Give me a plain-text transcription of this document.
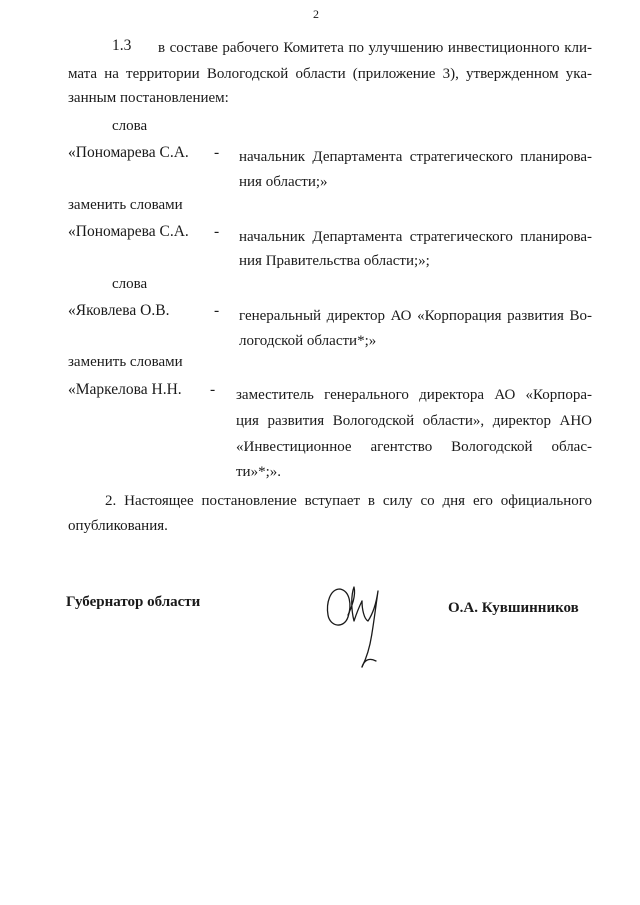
2
1.3 в составе рабочего Комитета по улучшению инвестиционного кли-
мата на территории Вологодской области (приложение 3), утвержденном ука-
занным постановлением:
слова
«Пономарева С.А. - начальник Департамента стратегического планирова-
ния области;»
заменить словами
«Пономарева С.А. - начальник Департамента стратегического планирова-
ния Правительства области;»;
слова
«Яковлева О.В.	- генеральный директор АО «Корпорация развития Во-
логодской области*;»
заменить словами
«Маркелова Н.Н. - заместитель генерального директора АО «Корпора-
ция развития Вологодской области», директор АНО
«Инвестиционное агентство Вологодской облас-
ти»*;».
2. Настоящее постановление вступает в силу со дня его официального
опубликования.
Губернатор области	О.А. Кувшинников
